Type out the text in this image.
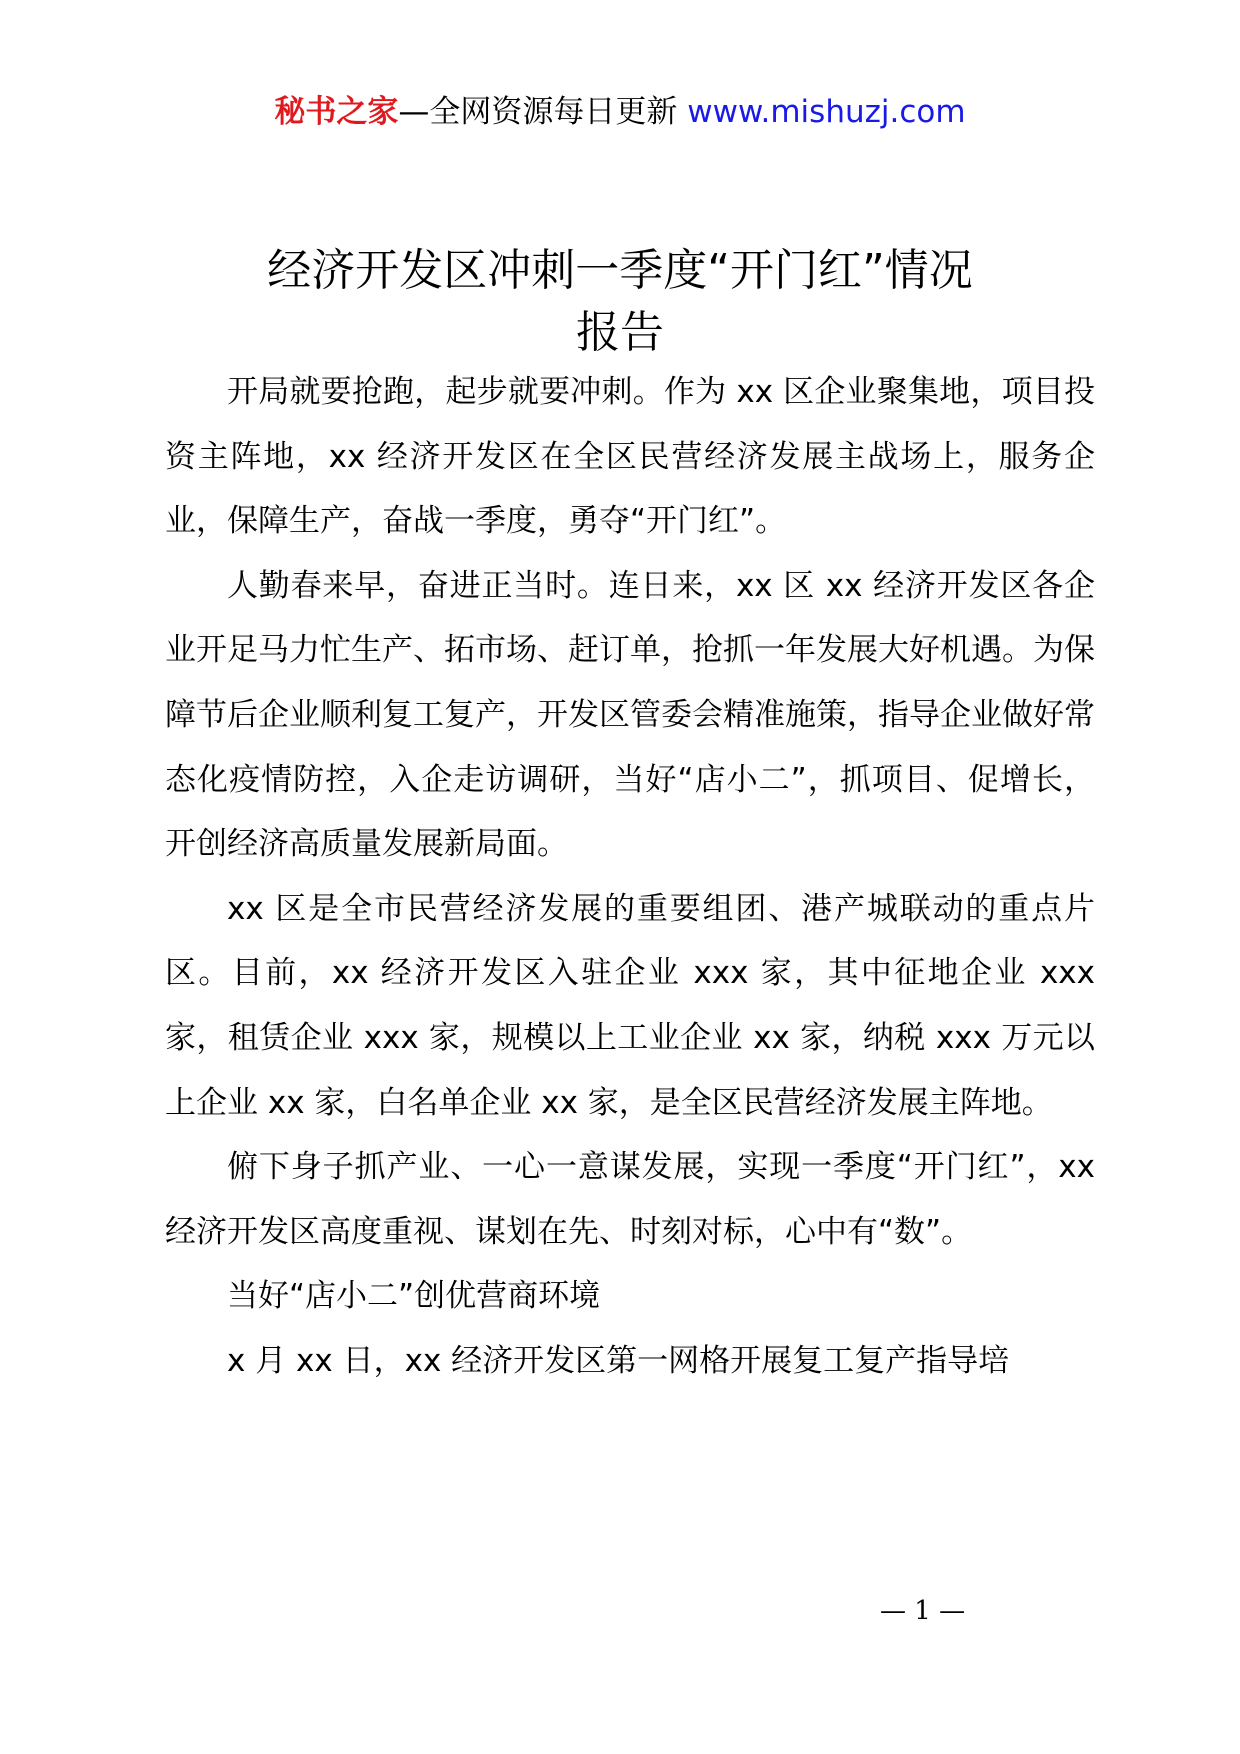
秘书之家—全网资源每日更新 www.mishuzj.com
经济开发区冲刺一季度“开门红”情况
报告

开局就要抢跑，起步就要冲刺。作为 xx 区企业聚集地，项目投资主阵地，xx 经济开发区在全区民营经济发展主战场上，服务企业，保障生产，奋战一季度，勇夺“开门红”。

人勤春来早，奋进正当时。连日来，xx 区 xx 经济开发区各企业开足马力忙生产、拓市场、赶订单，抢抓一年发展大好机遇。为保障节后企业顺利复工复产，开发区管委会精准施策，指导企业做好常态化疫情防控，入企走访调研，当好“店小二”，抓项目、促增长，开创经济高质量发展新局面。

xx 区是全市民营经济发展的重要组团、港产城联动的重点片区。目前，xx 经济开发区入驻企业 xxx 家，其中征地企业 xxx 家，租赁企业 xxx 家，规模以上工业企业 xx 家，纳税 xxx 万元以上企业 xx 家，白名单企业 xx 家，是全区民营经济发展主阵地。

俯下身子抓产业、一心一意谋发展，实现一季度“开门红”，xx 经济开发区高度重视、谋划在先、时刻对标，心中有“数”。

当好“店小二”创优营商环境

x 月 xx 日，xx 经济开发区第一网格开展复工复产指导培

— 1 —
